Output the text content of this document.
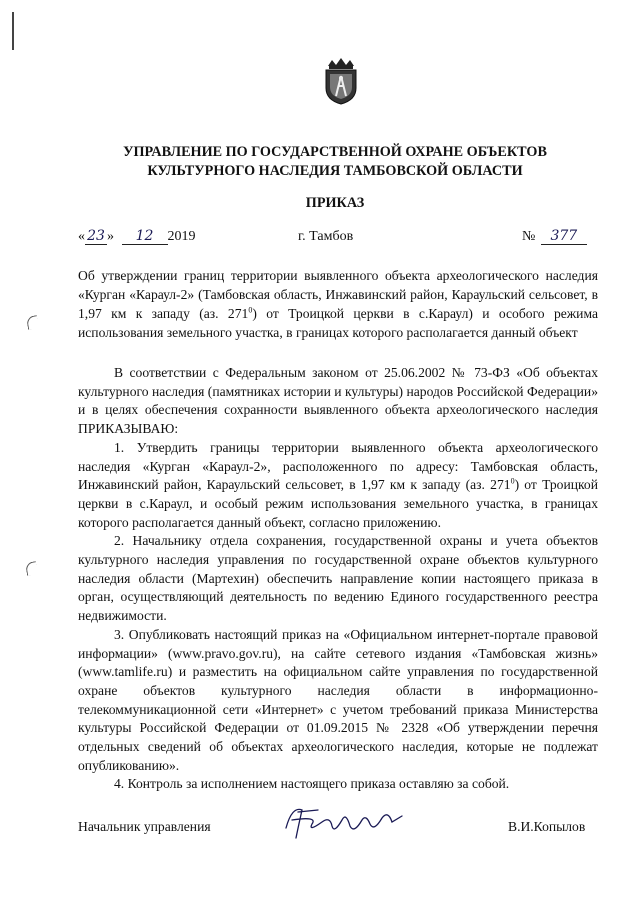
УПРАВЛЕНИЕ ПО ГОСУДАРСТВЕННОЙ ОХРАНЕ ОБЪЕКТОВ
КУЛЬТУРНОГО НАСЛЕДИЯ ТАМБОВСКОЙ ОБЛАСТИ
ПРИКАЗ
« 23 » 12 2019	г. Тамбов	№ 377
Об утверждении границ территории выявленного объекта археологического наследия «Курган «Караул-2» (Тамбовская область, Инжавинский район, Караульский сельсовет, в 1,97 км к западу (аз. $271^0$) от Троицкой церкви в с.Караул) и особого режима использования земельного участка, в границах которого располагается данный объект

В соответствии с Федеральным законом от 25.06.2002 № 73-ФЗ «Об объектах культурного наследия (памятниках истории и культуры) народов Российской Федерации» и в целях обеспечения сохранности выявленного объекта археологического наследия ПРИКАЗЫВАЮ:

1. Утвердить границы территории выявленного объекта археологического наследия «Курган «Караул-2», расположенного по адресу: Тамбовская область, Инжавинский район, Караульский сельсовет, в 1,97 км к западу (аз. $271^0$) от Троицкой церкви в с.Караул, и особый режим использования земельного участка, в границах которого располагается данный объект, согласно приложению.

2. Начальнику отдела сохранения, государственной охраны и учета объектов культурного наследия управления по государственной охране объектов культурного наследия области (Мартехин) обеспечить направление копии настоящего приказа в орган, осуществляющий деятельность по ведению Единого государственного реестра недвижимости.

3. Опубликовать настоящий приказ на «Официальном интернет-портале правовой информации» (www.pravo.gov.ru), на сайте сетевого издания «Тамбовская жизнь» (www.tamlife.ru) и разместить на официальном сайте управления по государственной охране объектов культурного наследия области в информационно-телекоммуникационной сети «Интернет» с учетом требований приказа Министерства культуры Российской Федерации от 01.09.2015 № 2328 «Об утверждении перечня отдельных сведений об объектах археологического наследия, которые не подлежат опубликованию».

4. Контроль за исполнением настоящего приказа оставляю за собой.

Начальник управления	В.И.Копылов
